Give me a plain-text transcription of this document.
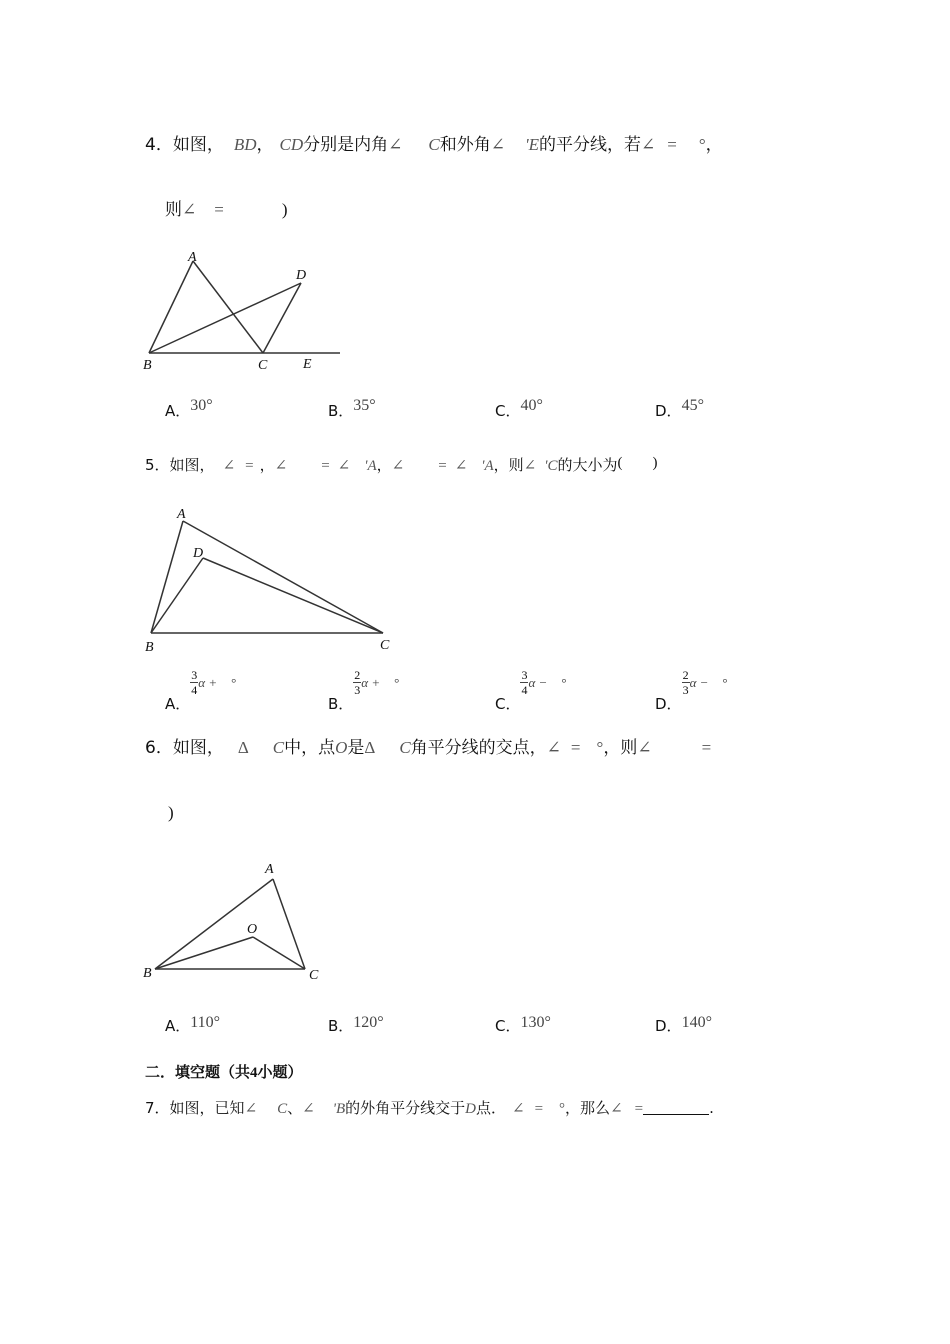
4．如图， BD， CD分别是内角∠ C和外角∠ 'E的平分线，若∠ = °，
则∠ =	)
A
B	C
D
E
A．30°	B．35°	C．40°	D．45°
5．如图， ∠ = ，∠ = ∠ 'A，∠ = ∠ 'A，则∠ 'C的大小为( )
A
D
B	C
A．
$\frac{3}{4}$ α + °
B．
$\frac{2}{3}$ α + °
C．
$\frac{3}{4}$ α − °
D．
$\frac{2}{3}$ α − °
6．如图， Δ C中，点O是Δ C角平分线的交点，∠ = °，则∠	=
)
A
O
B	C
A．110°	B．120°	C．130°	D．140°
二．填空题（共4小题）
7．如图，已知∠ C、∠ 'B的外角平分线交于D点． ∠ = °，那么∠ =	.
